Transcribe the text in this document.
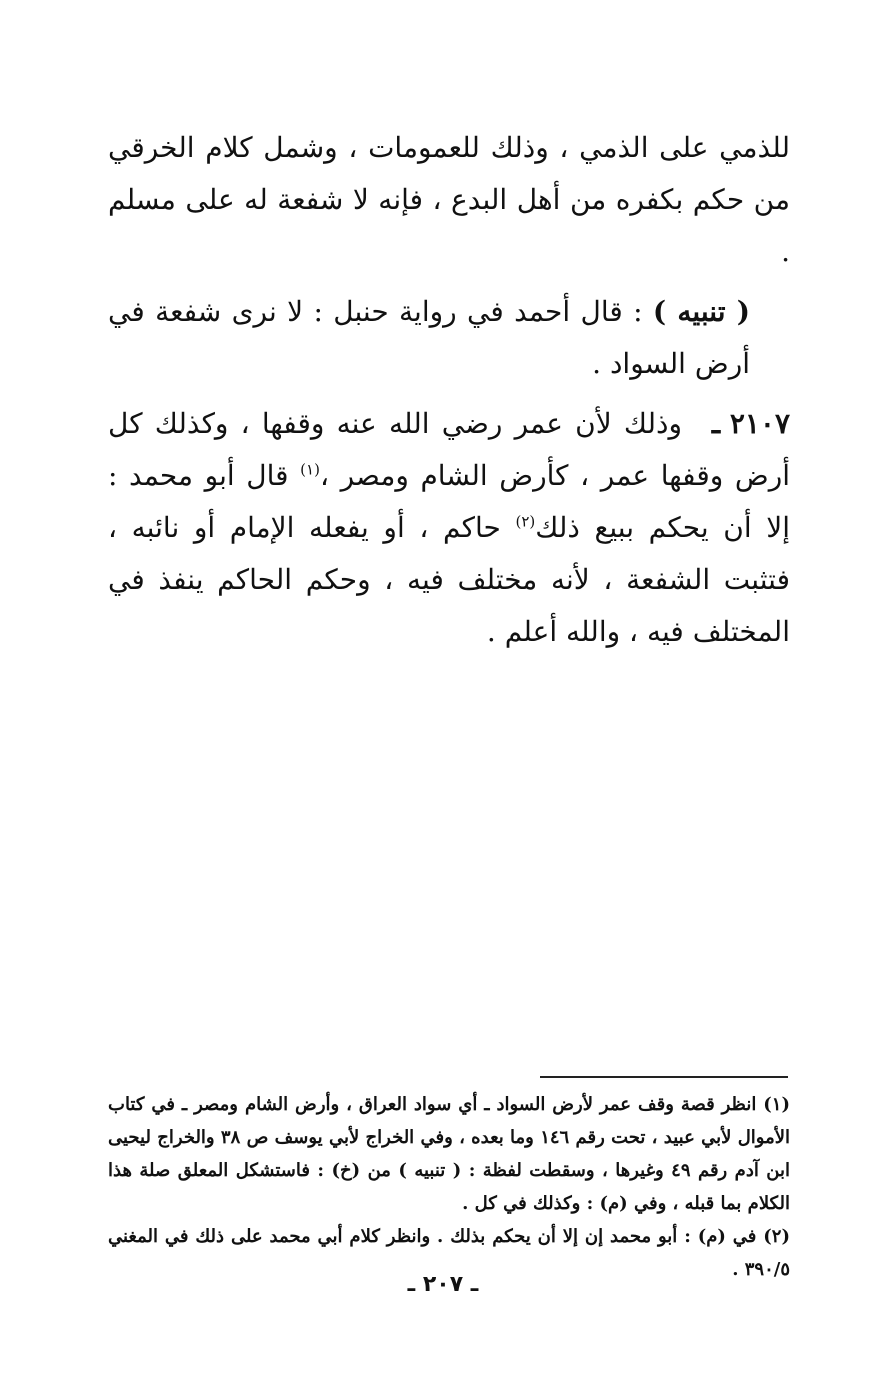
للذمي على الذمي ، وذلك للعمومات ، وشمل كلام الخرقي من حكم بكفره من أهل البدع ، فإنه لا شفعة له على مسلم .

( تنبيه ) : قال أحمد في رواية حنبل : لا نرى شفعة في أرض السواد .

٢١٠٧ ـ
وذلك لأن عمر رضي الله عنه وقفها ، وكذلك كل أرض وقفها عمر ، كأرض الشام ومصر ،$^{(١)}$ قال أبو محمد : إلا أن يحكم ببيع ذلك$^{(٢)}$ حاكم ، أو يفعله الإمام أو نائبه ، فتثبت الشفعة ، لأنه مختلف فيه ، وحكم الحاكم ينفذ في المختلف فيه ، والله أعلم .

(١) انظر قصة وقف عمر لأرض السواد ـ أي سواد العراق ، وأرض الشام ومصر ـ في كتاب الأموال لأبي عبيد ، تحت رقم ١٤٦ وما بعده ، وفي الخراج لأبي يوسف ص ٣٨ والخراج ليحيى ابن آدم رقم ٤٩ وغيرها ، وسقطت لفظة : ( تنبيه ) من (خ) : فاستشكل المعلق صلة هذا الكلام بما قبله ، وفي (م) : وكذلك في كل .

(٢) في (م) : أبو محمد إن إلا أن يحكم بذلك . وانظر كلام أبي محمد على ذلك في المغني ٣٩٠/٥ .

ـ ٢٠٧ ـ
